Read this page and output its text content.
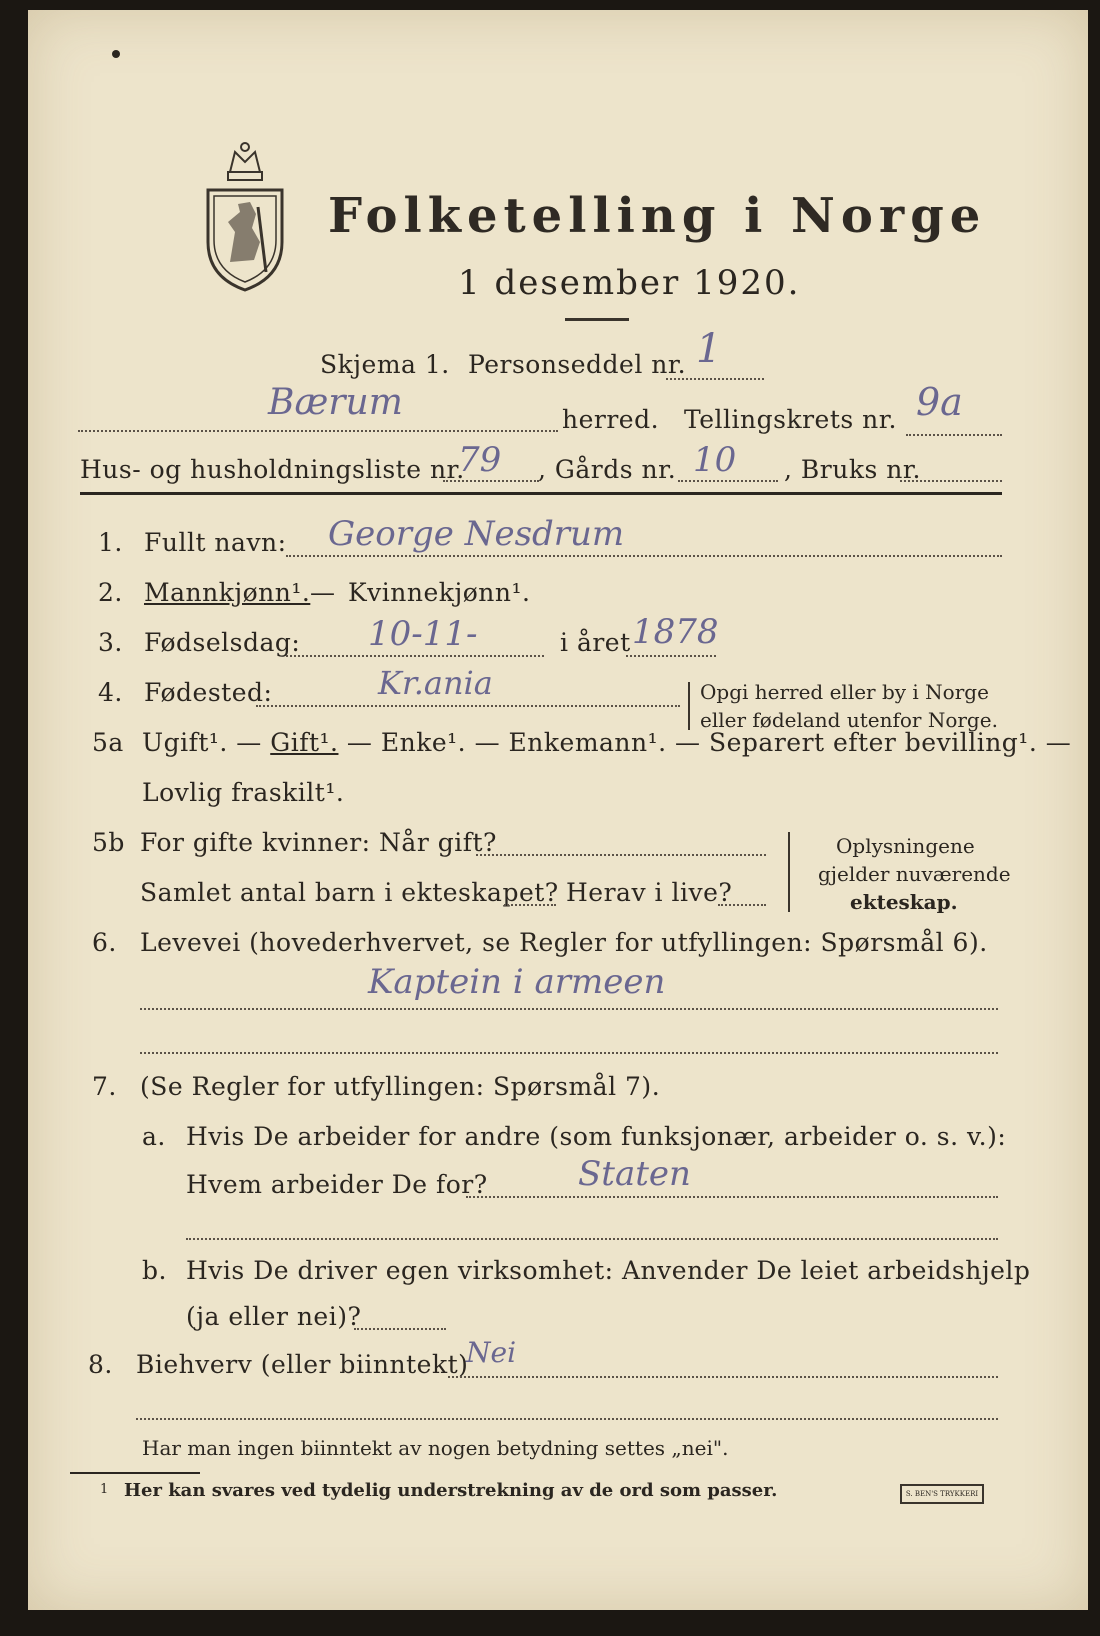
Folketelling i Norge
1 desember 1920.
Skjema 1. Personseddel nr. 1
Bærum	herred. Tellingskrets nr. 9a
Hus- og husholdningsliste nr.
79 , Gårds nr. 10 , Bruks nr.
1. Fullt navn: George Nesdrum
2. Mannkjønn¹. — Kvinnekjønn¹.
3. Fødselsdag: 10-11-	i året 1878
4. Fødested:	Kr.ania	Opgi herred eller by i Norge
eller fødeland utenfor Norge.
5a Ugift¹. — Gift¹. — Enke¹. — Enkemann¹. — Separert efter bevilling¹. —
Lovlig fraskilt¹.
5b For gifte kvinner: Når gift?
Samlet antal barn i ekteskapet? Herav i live?
Oplysningene
gjelder nuværende
ekteskap.
6. Levevei (hovederhvervet, se Regler for utfyllingen: Spørsmål 6).
Kaptein i armeen
7. (Se Regler for utfyllingen: Spørsmål 7).
a. Hvis De arbeider for andre (som funksjonær, arbeider o. s. v.):
Hvem arbeider De for?	Staten
b. Hvis De driver egen virksomhet: Anvender De leiet arbeidshjelp
(ja eller nei)?
8. Biehverv (eller biinntekt)
Nei
Har man ingen biinntekt av nogen betydning settes „nei".
1 Her kan svares ved tydelig understrekning av de ord som passer.	S. BEN'S TRYKKERI
